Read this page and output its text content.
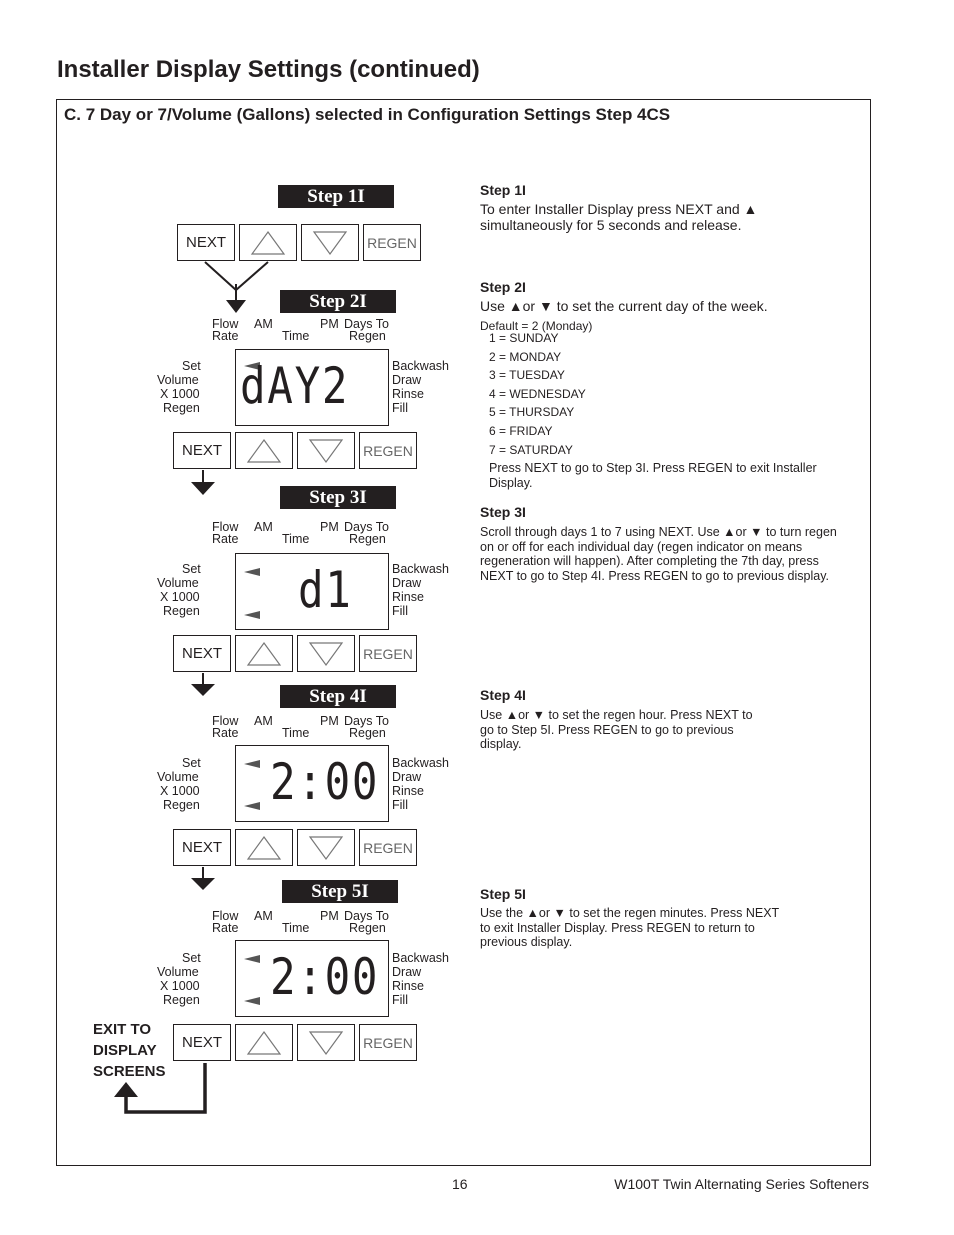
Installer Display Settings (continued)
C. 7 Day or 7/Volume (Gallons) selected in Configuration Settings Step 4CS
Step 1I
NEXT	REGEN
Step 2I
Flow
Rate
AM	PM
Time
Days To
Regen
Set
Volume
X 1000
Regen
Backwash
Draw
Rinse
Fill
dAY2
NEXT	REGEN
Step 3I
Flow
Rate
AM	PM
Time
Days To
Regen
Set
Volume
X 1000
Regen
Backwash
Draw
Rinse
Fill
d1
NEXT	REGEN
Step 4I
Flow
Rate
AM	PM
Time
Days To
Regen
Set
Volume
X 1000
Regen
Backwash
Draw
Rinse
Fill
2:00
NEXT	REGEN
Step 5I
Flow
Rate
AM	PM
Time
Days To
Regen
Set
Volume
X 1000
Regen
Backwash
Draw
Rinse
Fill
2:00
NEXT	REGEN
EXIT TO
DISPLAY
SCREENS
Step 1I
To enter Installer Display press NEXT and ▲ simultaneously for 5 seconds and release.
Step 2I
Use ▲or ▼ to set the current day of the week.
Default = 2 (Monday)
1 = SUNDAY
2 = MONDAY
3 = TUESDAY
4 = WEDNESDAY
5 = THURSDAY
6 = FRIDAY
7 = SATURDAY
Press NEXT to go to Step 3I. Press REGEN to exit Installer Display.
Step 3I
Scroll through days 1 to 7 using NEXT. Use ▲or ▼ to turn regen on or off for each individual day (regen indicator on means regeneration will happen). After completing the 7th day, press NEXT to go to Step 4I. Press REGEN to go to previous display.
Step 4I
Use ▲or ▼ to set the regen hour. Press NEXT to go to Step 5I. Press REGEN to go to previous display.
Step 5I
Use the ▲or ▼ to set the regen minutes. Press NEXT to exit Installer Display. Press REGEN to return to previous display.
16	W100T Twin Alternating Series Softeners
